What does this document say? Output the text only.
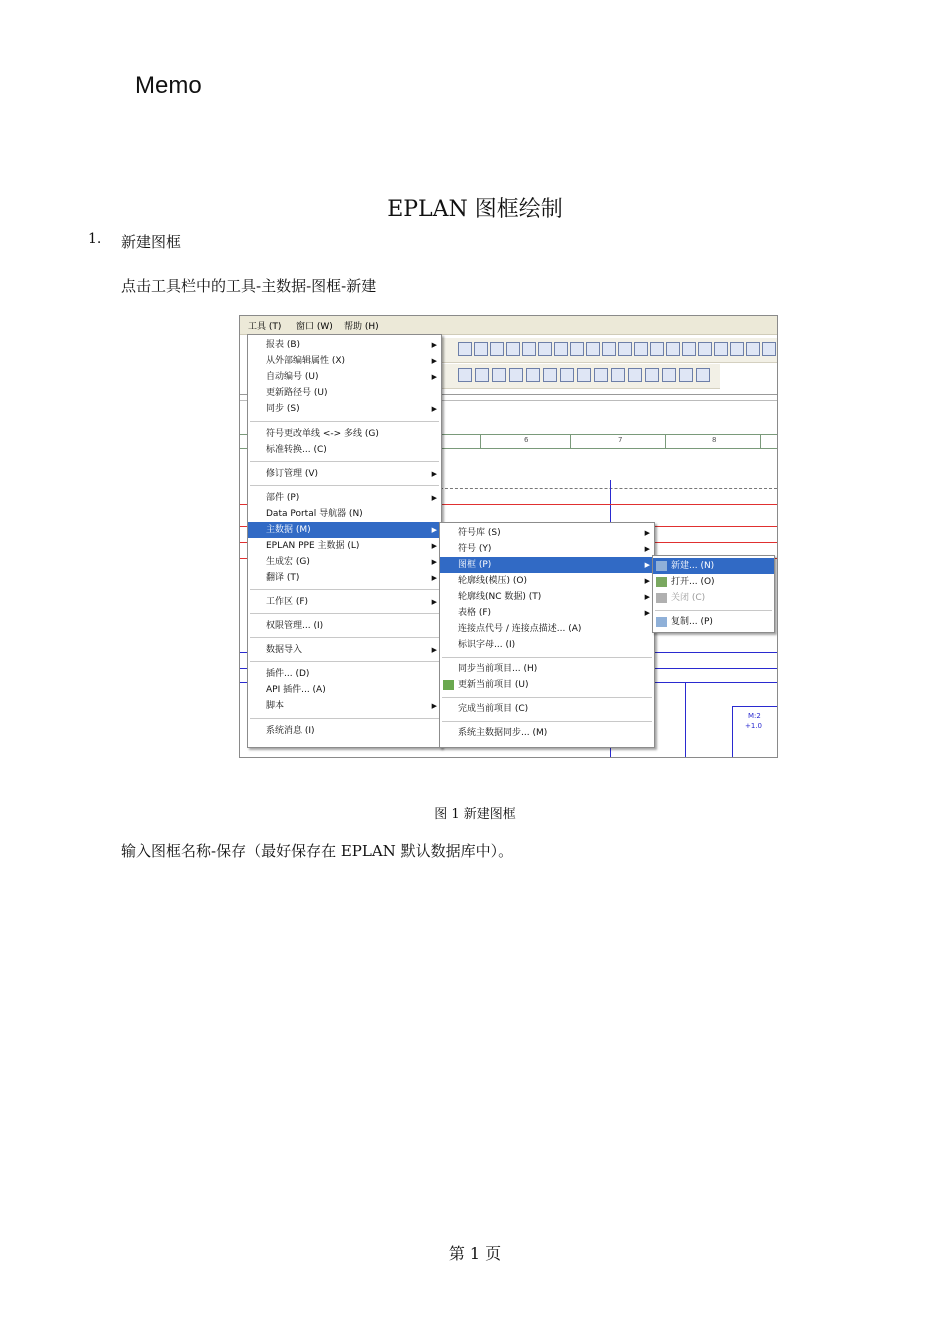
Memo
EPLAN 图框绘制
1. 新建图框
点击工具栏中的工具-主数据-图框-新建
工具 (T) 窗口 (W) 帮助 (H)
6	7	8
M:2
+1.0
报表 (B)	▶
从外部编辑属性 (X)	▶
自动编号 (U)	▶
更新路径号 (U)
同步 (S)	▶
符号更改单线 <-> 多线 (G)
标准转换... (C)
修订管理 (V)	▶
部件 (P)	▶
Data Portal 导航器 (N)
主数据 (M)	▶
EPLAN PPE 主数据 (L)	▶
生成宏 (G)	▶
翻译 (T)	▶
工作区 (F)	▶
权限管理... (I)
数据导入	▶
插件... (D)
API 插件... (A)
脚本	▶
系统消息 (I)
符号库 (S)	▶
符号 (Y)	▶
图框 (P)	▶
轮廓线(模压) (O)	▶
轮廓线(NC 数据) (T)	▶
表格 (F)	▶
连接点代号 / 连接点描述... (A)
标识字母... (I)
同步当前项目... (H)
更新当前项目 (U)
完成当前项目 (C)
系统主数据同步... (M)
新建... (N)
打开... (O)
关闭 (C)
复制... (P)
图 1 新建图框
输入图框名称-保存（最好保存在 EPLAN 默认数据库中）。
第 1 页
